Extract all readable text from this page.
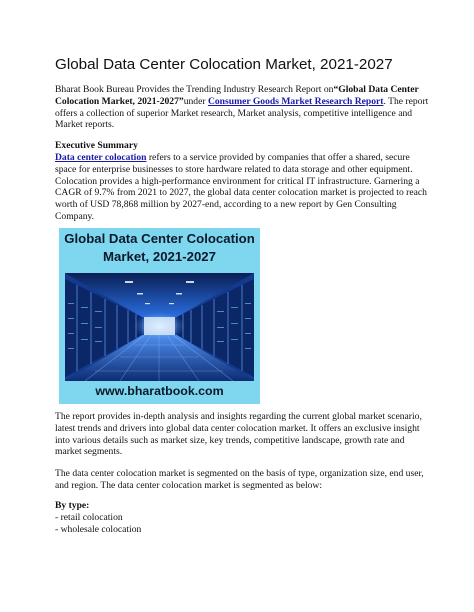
Global Data Center Colocation Market, 2021-2027
Bharat Book Bureau Provides the Trending Industry Research Report on“Global Data Center
Colocation Market, 2021-2027”under Consumer Goods Market Research Report. The report
offers a collection of superior Market research, Market analysis, competitive intelligence and
Market reports.
Executive Summary
Data center colocation refers to a service provided by companies that offer a shared, secure
space for enterprise businesses to store hardware related to data storage and other equipment.
Colocation provides a high-performance environment for critical IT infrastructure. Garnering a
CAGR of 9.7% from 2021 to 2027, the global data center colocation market is projected to reach
worth of USD 78,868 million by 2027-end, according to a new report by Gen Consulting
Company.
Global Data Center Colocation
Market, 2021-2027
www.bharatbook.com
The report provides in-depth analysis and insights regarding the current global market scenario,
latest trends and drivers into global data center colocation market. It offers an exclusive insight
into various details such as market size, key trends, competitive landscape, growth rate and
market segments.
The data center colocation market is segmented on the basis of type, organization size, end user,
and region. The data center colocation market is segmented as below:
By type:
- retail colocation
- wholesale colocation
